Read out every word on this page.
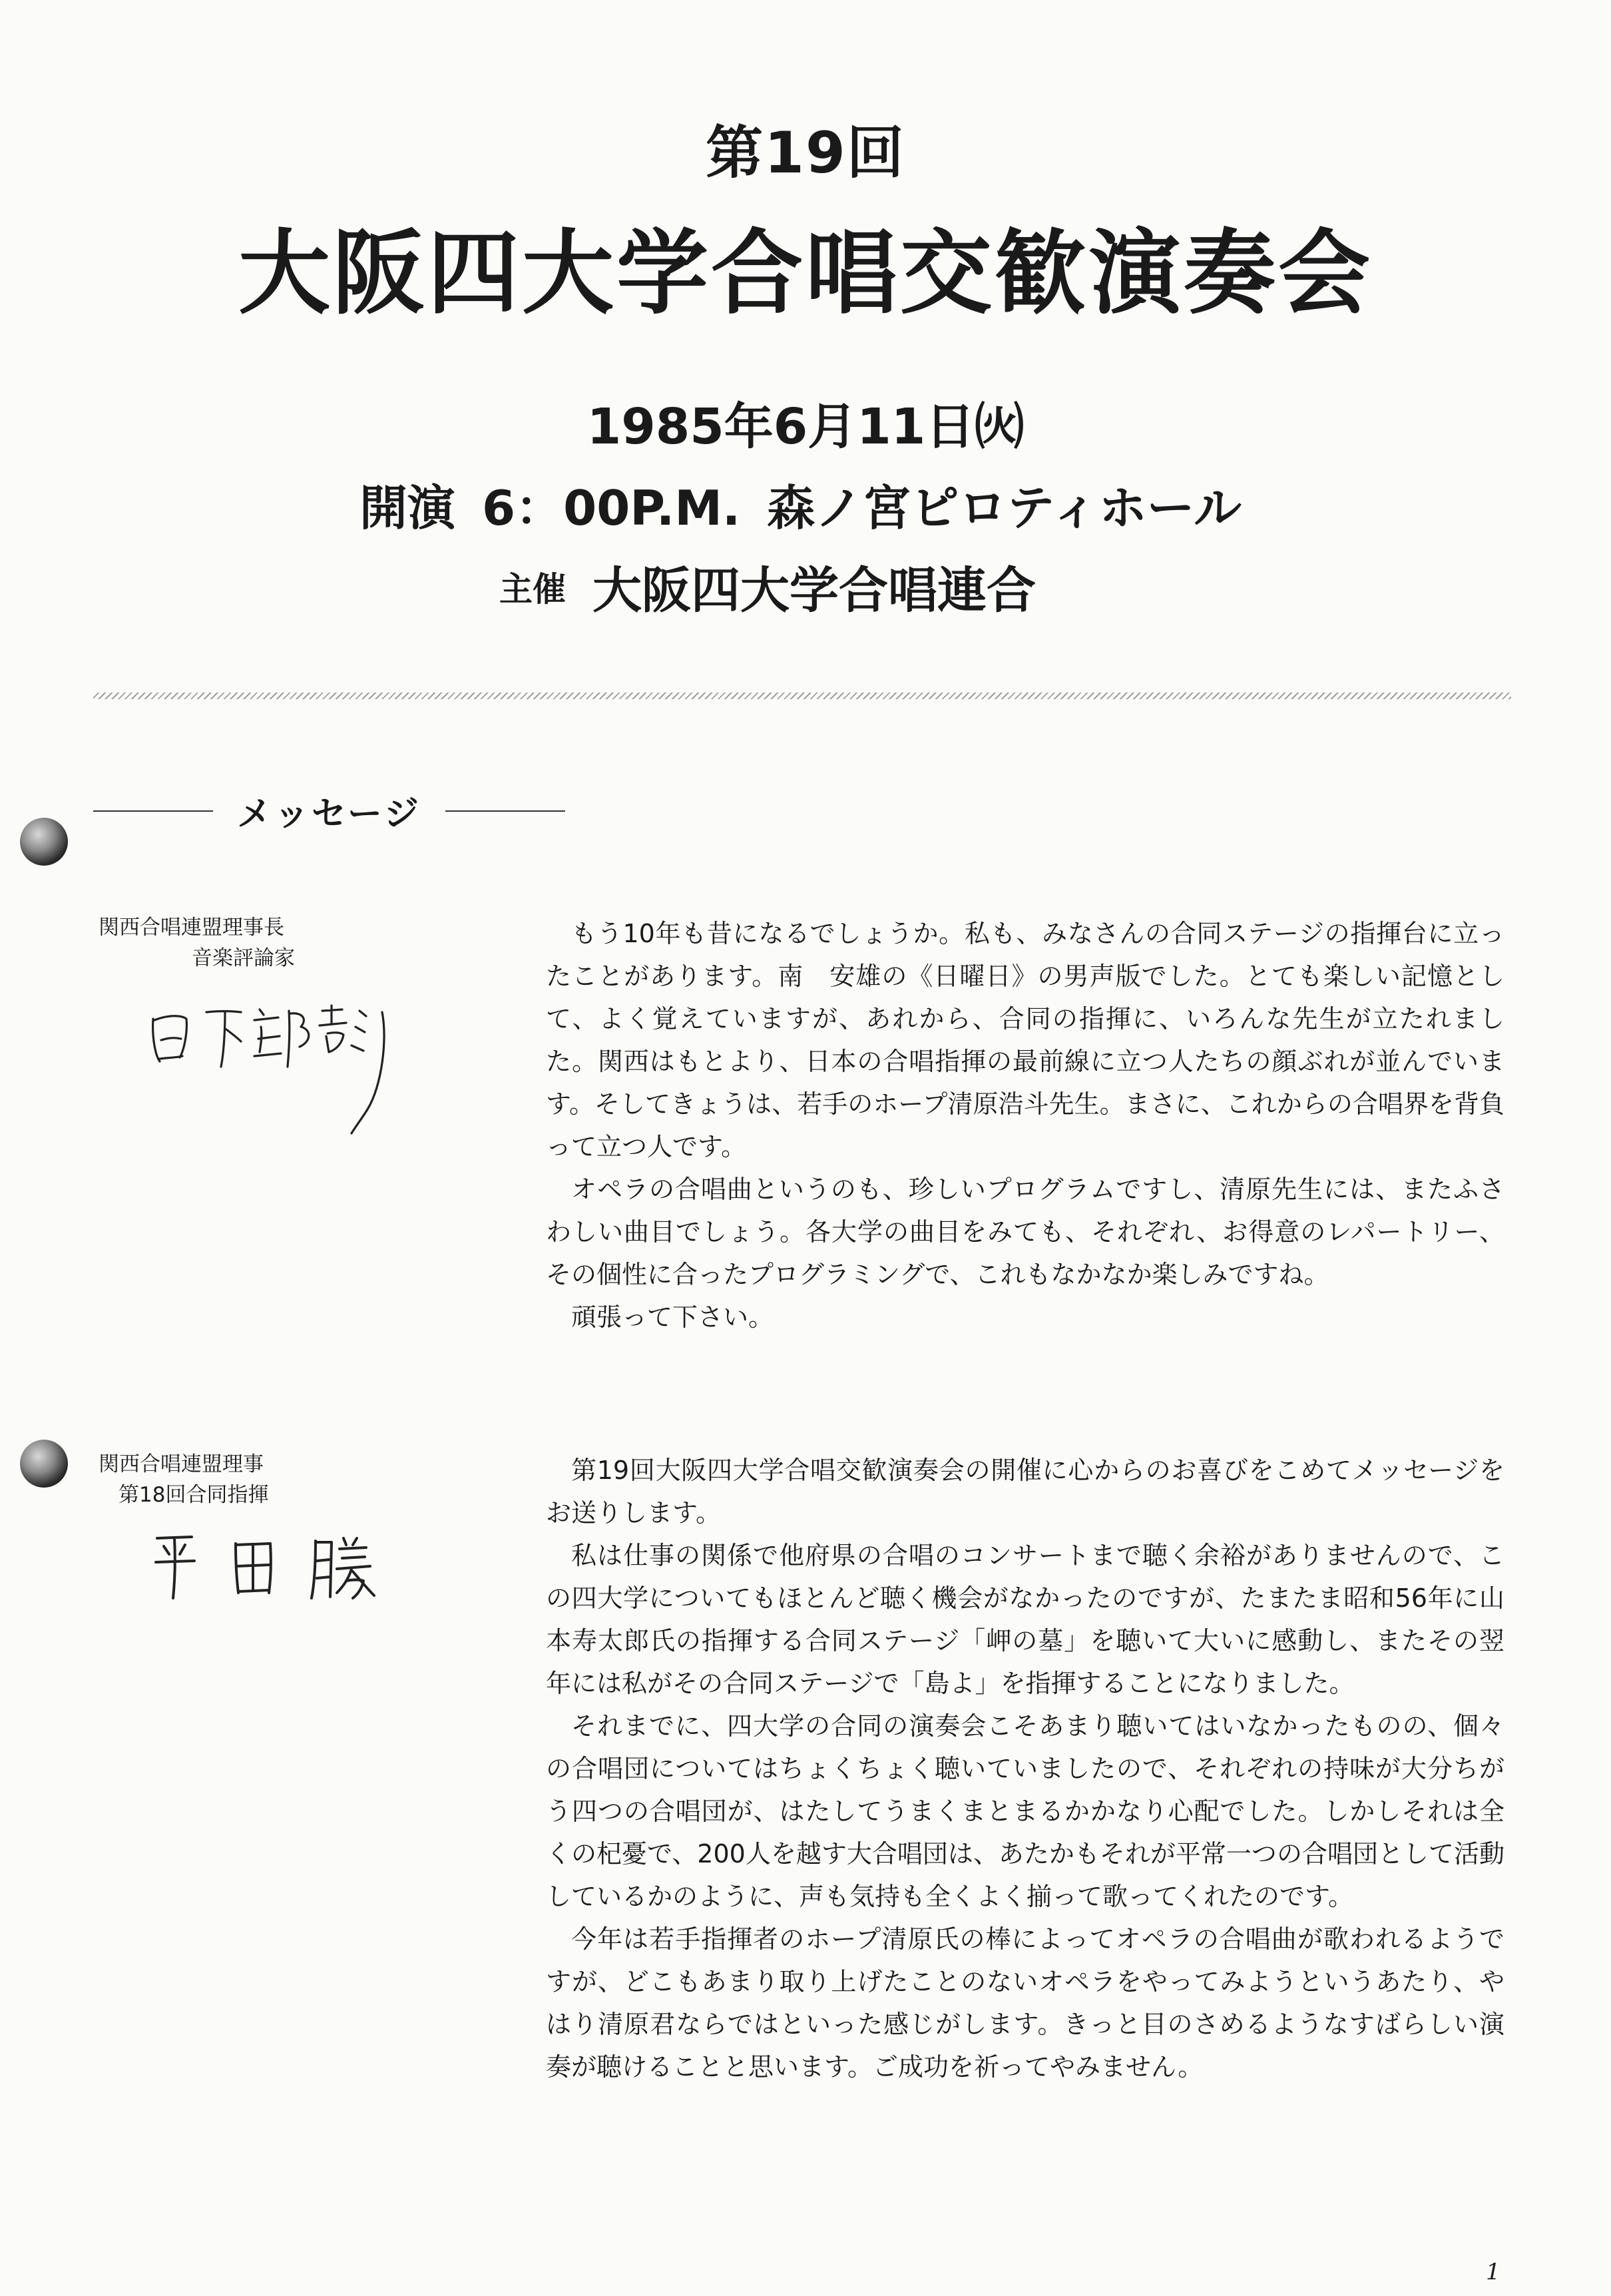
第19回
大阪四大学合唱交歓演奏会
1985年6月11日㈫
開演 6：00P.M. 森ノ宮ピロティホール
主催 大阪四大学合唱連合
メッセージ
関西合唱連盟理事長
音楽評論家

もう10年も昔になるでしょうか。私も、みなさんの合同ステージの指揮台に立ったことがあります。南　安雄の《日曜日》の男声版でした。とても楽しい記憶として、よく覚えていますが、あれから、合同の指揮に、いろんな先生が立たれました。関西はもとより、日本の合唱指揮の最前線に立つ人たちの顔ぶれが並んでいます。そしてきょうは、若手のホープ清原浩斗先生。まさに、これからの合唱界を背負って立つ人です。

オペラの合唱曲というのも、珍しいプログラムですし、清原先生には、またふさわしい曲目でしょう。各大学の曲目をみても、それぞれ、お得意のレパートリー、その個性に合ったプログラミングで、これもなかなか楽しみですね。

頑張って下さい。

関西合唱連盟理事
第18回合同指揮

第19回大阪四大学合唱交歓演奏会の開催に心からのお喜びをこめてメッセージをお送りします。

私は仕事の関係で他府県の合唱のコンサートまで聴く余裕がありませんので、この四大学についてもほとんど聴く機会がなかったのですが、たまたま昭和56年に山本寿太郎氏の指揮する合同ステージ「岬の墓」を聴いて大いに感動し、またその翌年には私がその合同ステージで「島よ」を指揮することになりました。

それまでに、四大学の合同の演奏会こそあまり聴いてはいなかったものの、個々の合唱団についてはちょくちょく聴いていましたので、それぞれの持味が大分ちがう四つの合唱団が、はたしてうまくまとまるかかなり心配でした。しかしそれは全くの杞憂で、200人を越す大合唱団は、あたかもそれが平常一つの合唱団として活動しているかのように、声も気持も全くよく揃って歌ってくれたのです。

今年は若手指揮者のホープ清原氏の棒によってオペラの合唱曲が歌われるようですが、どこもあまり取り上げたことのないオペラをやってみようというあたり、やはり清原君ならではといった感じがします。きっと目のさめるようなすばらしい演奏が聴けることと思います。ご成功を祈ってやみません。

1
